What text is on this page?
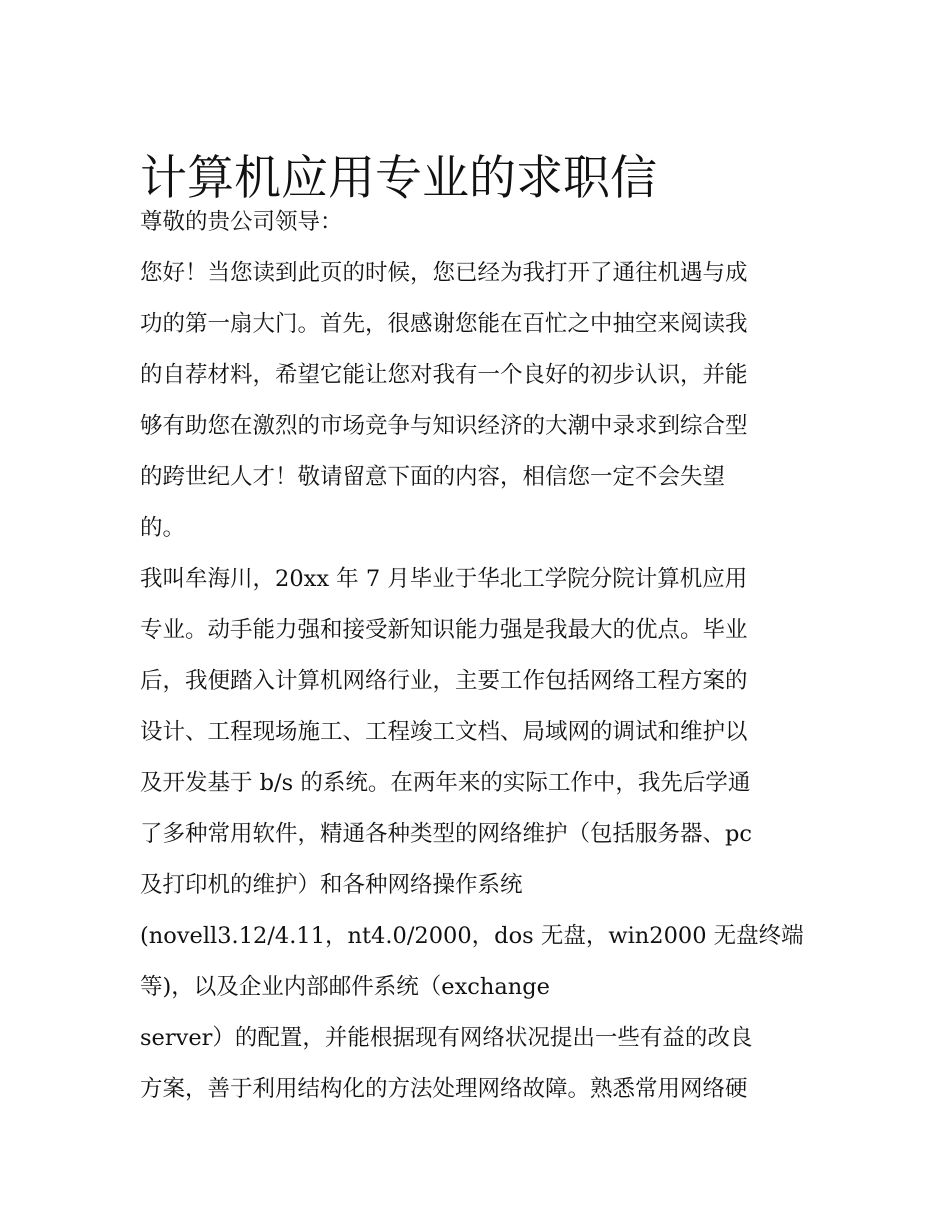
计算机应用专业的求职信
尊敬的贵公司领导：
您好！当您读到此页的时候，您已经为我打开了通往机遇与成
功的第一扇大门。首先，很感谢您能在百忙之中抽空来阅读我
的自荐材料，希望它能让您对我有一个良好的初步认识，并能
够有助您在激烈的市场竞争与知识经济的大潮中录求到综合型
的跨世纪人才！敬请留意下面的内容，相信您一定不会失望
的。
我叫牟海川，20xx 年 7 月毕业于华北工学院分院计算机应用
专业。动手能力强和接受新知识能力强是我最大的优点。毕业
后，我便踏入计算机网络行业，主要工作包括网络工程方案的
设计、工程现场施工、工程竣工文档、局域网的调试和维护以
及开发基于 b/s 的系统。在两年来的实际工作中，我先后学通
了多种常用软件，精通各种类型的网络维护（包括服务器、pc
及打印机的维护）和各种网络操作系统
(novell3.12/4.11，nt4.0/2000，dos 无盘，win2000 无盘终端
等)，以及企业内部邮件系统（exchange
server）的配置，并能根据现有网络状况提出一些有益的改良
方案，善于利用结构化的方法处理网络故障。熟悉常用网络硬
